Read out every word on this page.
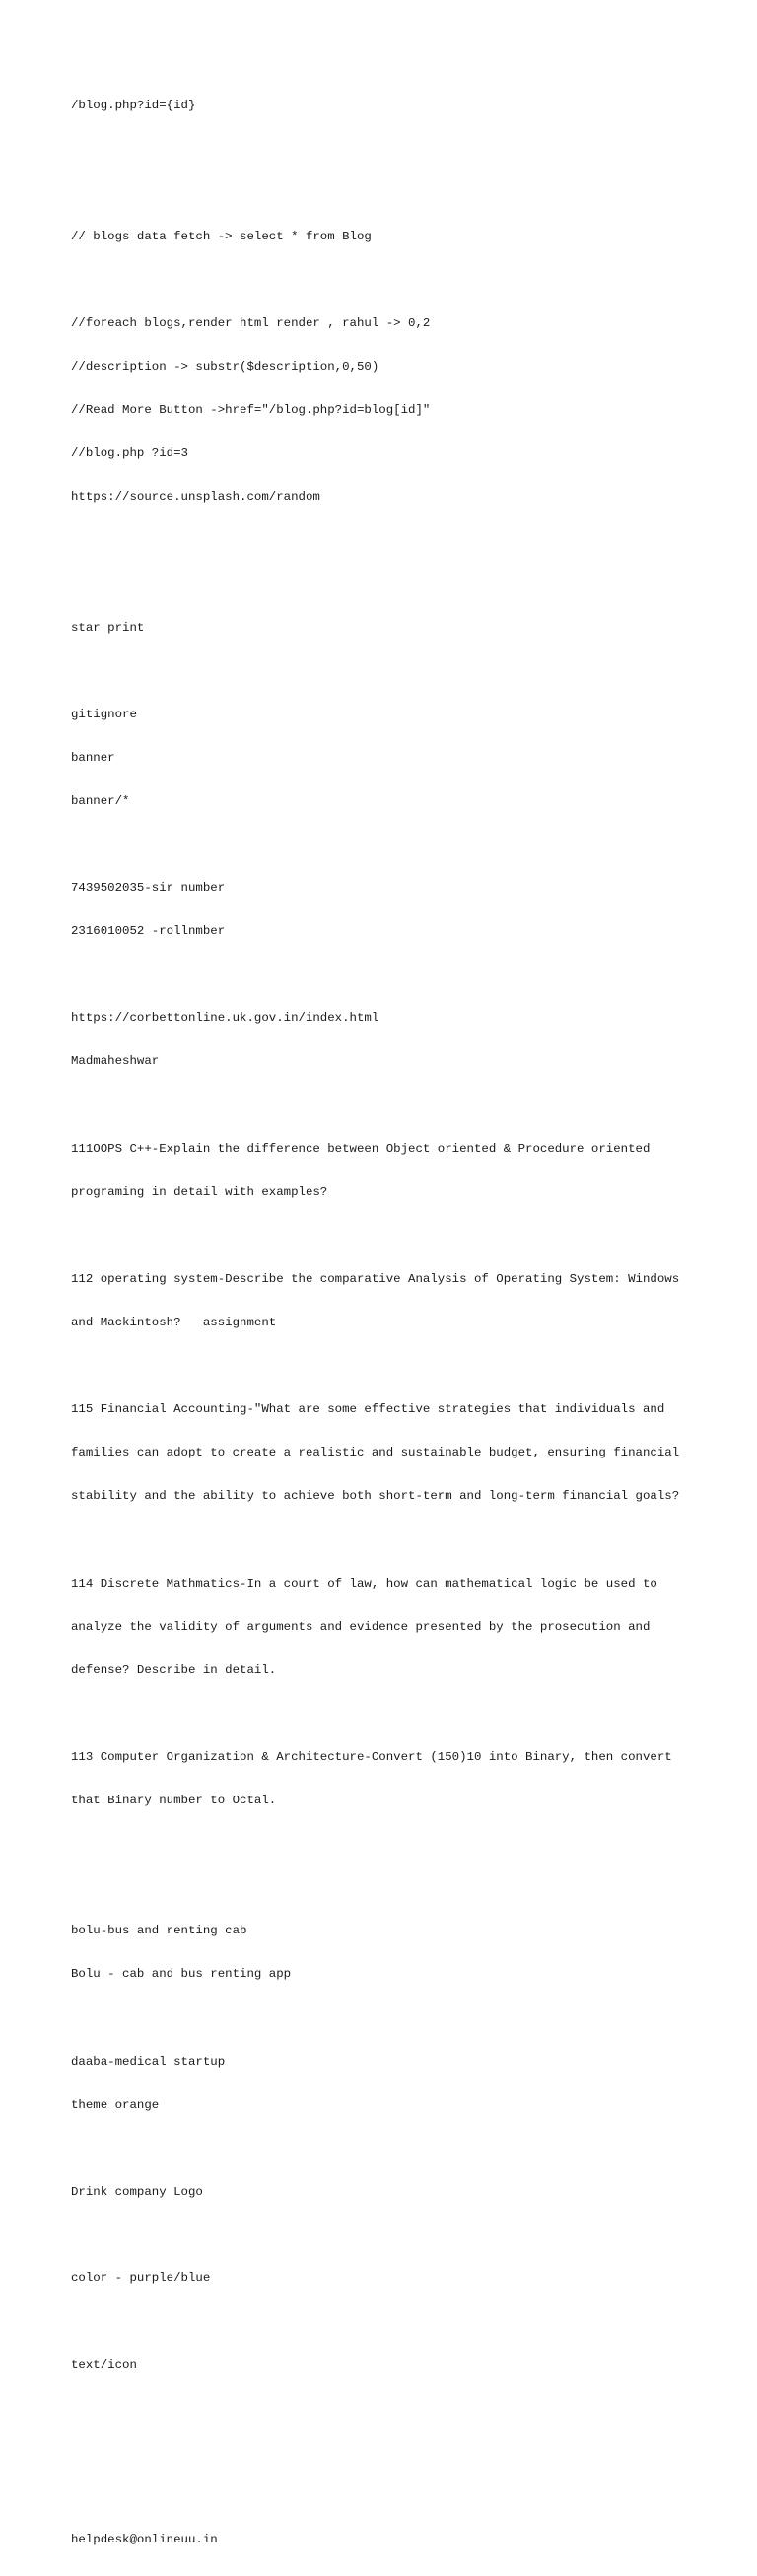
/blog.php?id={id}

// blogs data fetch -> select * from Blog

//foreach blogs,render html render , rahul -> 0,2

//description -> substr($description,0,50)

//Read More Button ->href="/blog.php?id=blog[id]"

//blog.php ?id=3

https://source.unsplash.com/random

star print

gitignore

banner

banner/*

7439502035-sir number

2316010052 -rollnmber

https://corbettonline.uk.gov.in/index.html

Madmaheshwar

111OOPS C++-Explain the difference between Object oriented & Procedure oriented

programing in detail with examples?

112 operating system-Describe the comparative Analysis of Operating System: Windows

and Mackintosh?   assignment

115 Financial Accounting-"What are some effective strategies that individuals and

families can adopt to create a realistic and sustainable budget, ensuring financial

stability and the ability to achieve both short-term and long-term financial goals?

114 Discrete Mathmatics-In a court of law, how can mathematical logic be used to

analyze the validity of arguments and evidence presented by the prosecution and

defense? Describe in detail.

113 Computer Organization & Architecture-Convert (150)10 into Binary, then convert

that Binary number to Octal.

bolu-bus and renting cab

Bolu - cab and bus renting app

daaba-medical startup

theme orange

Drink company Logo

color - purple/blue

text/icon

helpdesk@onlineuu.in
